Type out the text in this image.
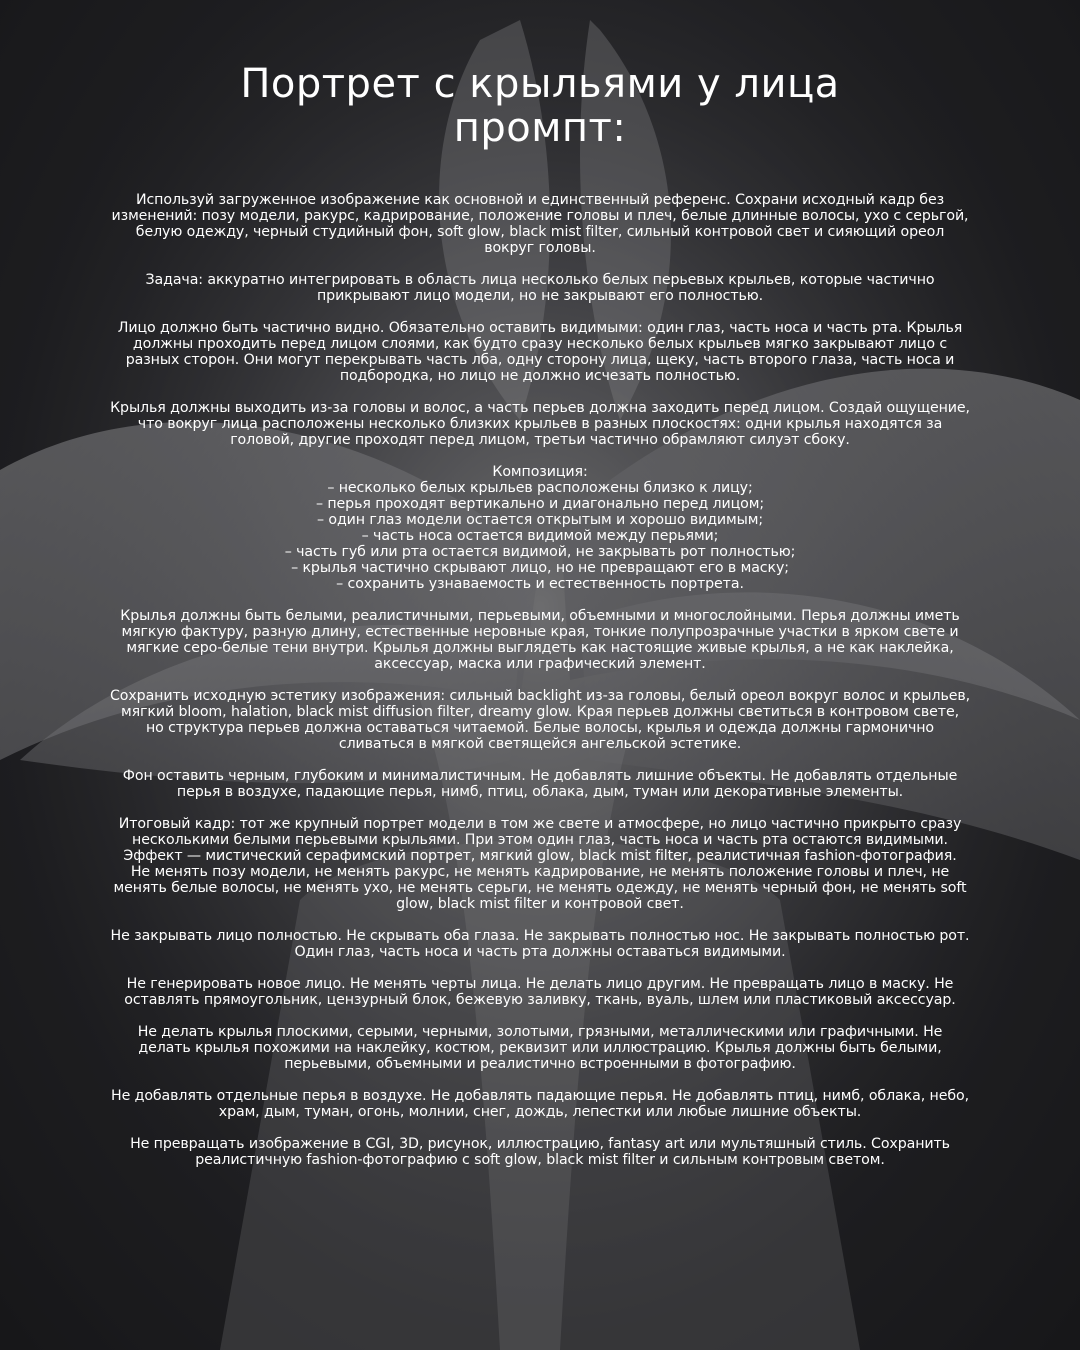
Портрет с крыльями у лица
промпт:

Используй загруженное изображение как основной и единственный референс. Сохрани исходный кадр без изменений: позу модели, ракурс, кадрирование, положение головы и плеч, белые длинные волосы, ухо с серьгой, белую одежду, черный студийный фон, soft glow, black mist filter, сильный контровой свет и сияющий ореол вокруг головы.

Задача: аккуратно интегрировать в область лица несколько белых перьевых крыльев, которые частично прикрывают лицо модели, но не закрывают его полностью.

Лицо должно быть частично видно. Обязательно оставить видимыми: один глаз, часть носа и часть рта. Крылья должны проходить перед лицом слоями, как будто сразу несколько белых крыльев мягко закрывают лицо с разных сторон. Они могут перекрывать часть лба, одну сторону лица, щеку, часть второго глаза, часть носа и подбородка, но лицо не должно исчезать полностью.

Крылья должны выходить из-за головы и волос, а часть перьев должна заходить перед лицом. Создай ощущение, что вокруг лица расположены несколько близких крыльев в разных плоскостях: одни крылья находятся за головой, другие проходят перед лицом, третьи частично обрамляют силуэт сбоку.

Композиция:
– несколько белых крыльев расположены близко к лицу;
– перья проходят вертикально и диагонально перед лицом;
– один глаз модели остается открытым и хорошо видимым;
– часть носа остается видимой между перьями;
– часть губ или рта остается видимой, не закрывать рот полностью;
– крылья частично скрывают лицо, но не превращают его в маску;
– сохранить узнаваемость и естественность портрета.

Крылья должны быть белыми, реалистичными, перьевыми, объемными и многослойными. Перья должны иметь мягкую фактуру, разную длину, естественные неровные края, тонкие полупрозрачные участки в ярком свете и мягкие серо-белые тени внутри. Крылья должны выглядеть как настоящие живые крылья, а не как наклейка, аксессуар, маска или графический элемент.

Сохранить исходную эстетику изображения: сильный backlight из-за головы, белый ореол вокруг волос и крыльев, мягкий bloom, halation, black mist diffusion filter, dreamy glow. Края перьев должны светиться в контровом свете, но структура перьев должна оставаться читаемой. Белые волосы, крылья и одежда должны гармонично сливаться в мягкой светящейся ангельской эстетике.

Фон оставить черным, глубоким и минималистичным. Не добавлять лишние объекты. Не добавлять отдельные перья в воздухе, падающие перья, нимб, птиц, облака, дым, туман или декоративные элементы.

Итоговый кадр: тот же крупный портрет модели в том же свете и атмосфере, но лицо частично прикрыто сразу несколькими белыми перьевыми крыльями. При этом один глаз, часть носа и часть рта остаются видимыми. Эффект — мистический серафимский портрет, мягкий glow, black mist filter, реалистичная fashion-фотография.

Не менять позу модели, не менять ракурс, не менять кадрирование, не менять положение головы и плеч, не менять белые волосы, не менять ухо, не менять серьги, не менять одежду, не менять черный фон, не менять soft glow, black mist filter и контровой свет.

Не закрывать лицо полностью. Не скрывать оба глаза. Не закрывать полностью нос. Не закрывать полностью рот. Один глаз, часть носа и часть рта должны оставаться видимыми.

Не генерировать новое лицо. Не менять черты лица. Не делать лицо другим. Не превращать лицо в маску. Не оставлять прямоугольник, цензурный блок, бежевую заливку, ткань, вуаль, шлем или пластиковый аксессуар.

Не делать крылья плоскими, серыми, черными, золотыми, грязными, металлическими или графичными. Не делать крылья похожими на наклейку, костюм, реквизит или иллюстрацию. Крылья должны быть белыми, перьевыми, объемными и реалистично встроенными в фотографию.

Не добавлять отдельные перья в воздухе. Не добавлять падающие перья. Не добавлять птиц, нимб, облака, небо, храм, дым, туман, огонь, молнии, снег, дождь, лепестки или любые лишние объекты.

Не превращать изображение в CGI, 3D, рисунок, иллюстрацию, fantasy art или мультяшный стиль. Сохранить реалистичную fashion-фотографию с soft glow, black mist filter и сильным контровым светом.
